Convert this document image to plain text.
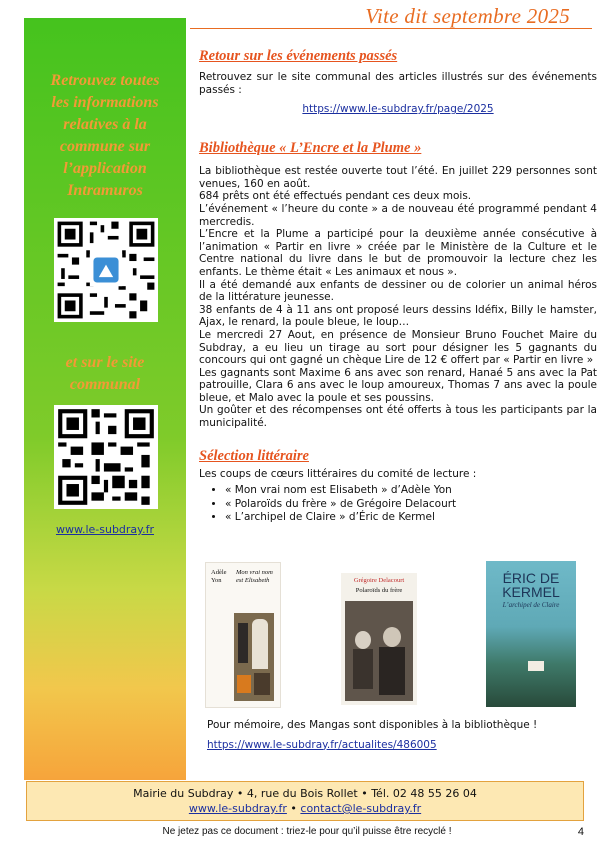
Vite dit septembre 2025
Retrouvez toutes
les informations
relatives à la
commune sur
l’application
Intramuros
et sur le site
communal
www.le-subdray.fr

Retour sur les événements passés

Retrouvez sur le site communal des articles illustrés sur des événements passés :

https://www.le-subdray.fr/page/2025

Bibliothèque « L’Encre et la Plume »

La bibliothèque est restée ouverte tout l’été. En juillet 229 personnes sont venues, 160 en août.

684 prêts ont été effectués pendant ces deux mois.

L’événement « l’heure du conte » a de nouveau été programmé pendant 4 mercredis.

L’Encre et la Plume a participé pour la deuxième année consécutive à l’animation « Partir en livre » créée par le Ministère de la Culture et le Centre national du livre dans le but de promouvoir la lecture chez les enfants. Le thème était « Les animaux et nous ».

Il a été demandé aux enfants de dessiner ou de colorier un animal héros de la littérature jeunesse.

38 enfants de 4 à 11 ans ont proposé leurs dessins Idéfix, Billy le hamster, Ajax, le renard, la poule bleue, le loup…

Le mercredi 27 Aout, en présence de Monsieur Bruno Fouchet Maire du Subdray, a eu lieu un tirage au sort pour désigner les 5 gagnants du concours qui ont gagné un chèque Lire de 12 € offert par « Partir en livre »

Les gagnants sont Maxime 6 ans avec son renard, Hanaé 5 ans avec la Pat patrouille, Clara 6 ans avec le loup amoureux, Thomas 7 ans avec la poule bleue, et Malo avec la poule et ses poussins.

Un goûter et des récompenses ont été offerts à tous les participants par la municipalité.

Sélection littéraire

Les coups de cœurs littéraires du comité de lecture :

• « Mon vrai nom est Elisabeth » d’Adèle Yon
• « Polaroïds du frère » de Grégoire Delacourt
• « L’archipel de Claire » d’Éric de Kermel
Adèle Yon
Mon vrai nom est Elisabeth	Grégoire Delacourt
Polaroïds du frère
ÉRIC DE KERMEL
L’archipel de Claire
Pour mémoire, des Mangas sont disponibles à la bibliothèque !
https://www.le-subdray.fr/actualites/486005
Mairie du Subdray • 4, rue du Bois Rollet • Tél. 02 48 55 26 04
www.le-subdray.fr • contact@le-subdray.fr
Ne jetez pas ce document : triez-le pour qu’il puisse être recyclé !	4
